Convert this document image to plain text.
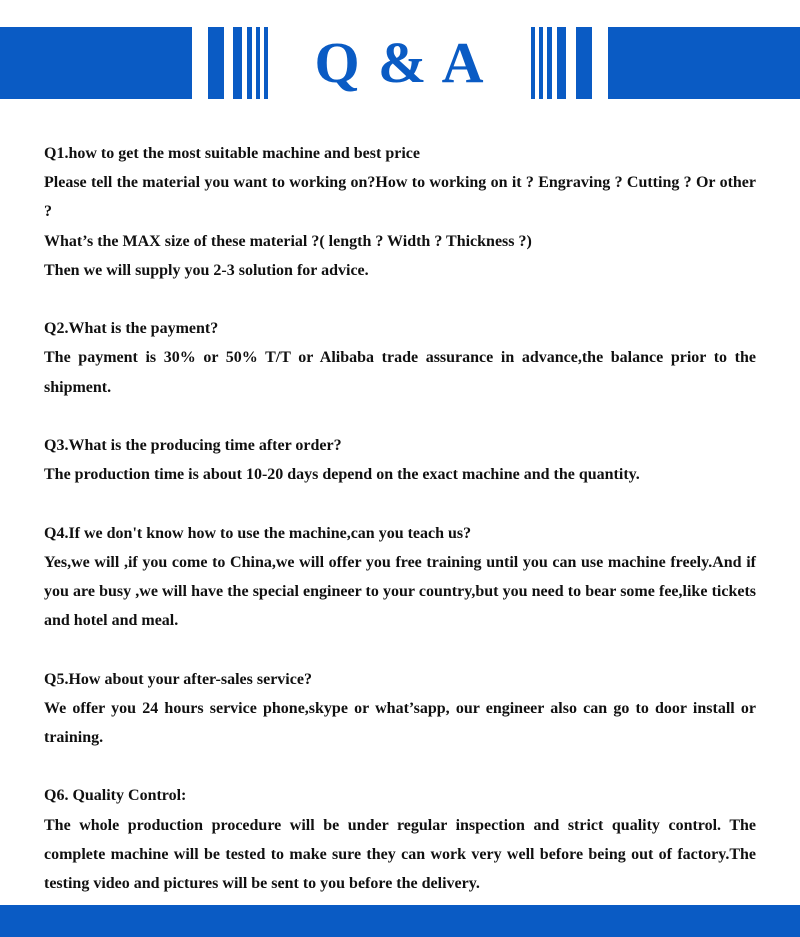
Q & A

Q1.how to get the most suitable machine and best price

Please tell the material you want to working on?How to working on it ? Engraving ? Cutting ? Or other ?

What’s the MAX size of these material ?( length ? Width ? Thickness ?)

Then we will supply you 2-3 solution for advice.

Q2.What is the payment?

The payment is 30% or 50% T/T or Alibaba trade assurance in advance,the balance prior to the shipment.

Q3.What is the producing time after order?

The production time is about 10-20 days depend on the exact machine and the quantity.

Q4.If we don't know how to use the machine,can you teach us?

Yes,we will ,if you come to China,we will offer you free training until you can use machine freely.And if you are busy ,we will have the special engineer to your country,but you need to bear some fee,like tickets and hotel and meal.

Q5.How about your after-sales service?

We offer you 24 hours service phone,skype or what’sapp, our engineer also can go to door install or training.

Q6. Quality Control:

The whole production procedure will be under regular inspection and strict quality control. The complete machine will be tested to make sure they can work very well before being out of factory.The testing video and pictures will be sent to you before the delivery.
